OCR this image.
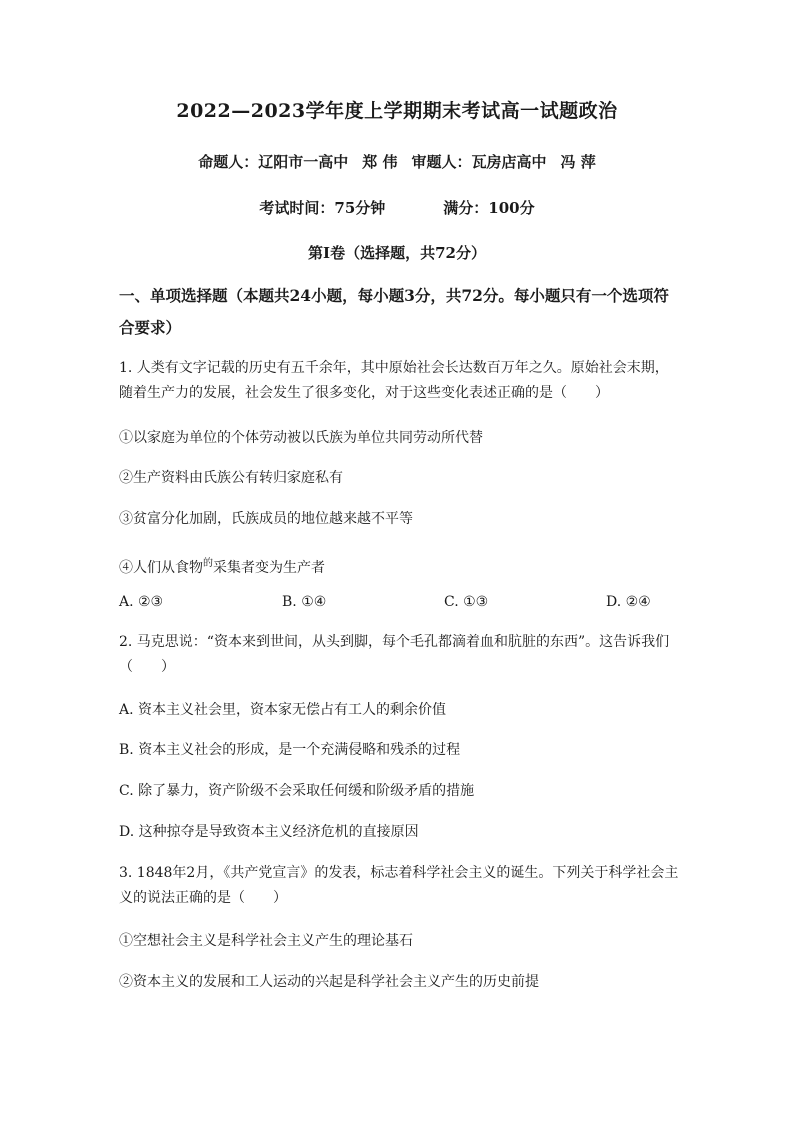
2022—2023学年度上学期期末考试高一试题政治
命题人：辽阳市一高中 郑 伟 审题人：瓦房店高中 冯 萍
考试时间：75分钟	满分：100分
第Ⅰ卷（选择题，共72分）
一、单项选择题（本题共24小题，每小题3分，共72分。每小题只有一个选项符合要求）
1. 人类有文字记载的历史有五千余年，其中原始社会长达数百万年之久。原始社会末期，随着生产力的发展，社会发生了很多变化，对于这些变化表述正确的是（　　）
①以家庭为单位的个体劳动被以氏族为单位共同劳动所代替
②生产资料由氏族公有转归家庭私有
③贫富分化加剧，氏族成员的地位越来越不平等
④人们从食物$^的$采集者变为生产者
A. ②③	B. ①④	C. ①③	D. ②④
2. 马克思说：“资本来到世间，从头到脚，每个毛孔都滴着血和肮脏的东西”。这告诉我们（　　）
A. 资本主义社会里，资本家无偿占有工人的剩余价值
B. 资本主义社会的形成，是一个充满侵略和残杀的过程
C. 除了暴力，资产阶级不会采取任何缓和阶级矛盾的措施
D. 这种掠夺是导致资本主义经济危机的直接原因
3. 1848年2月，《共产党宣言》的发表，标志着科学社会主义的诞生。下列关于科学社会主义的说法正确的是（　　）
①空想社会主义是科学社会主义产生的理论基石
②资本主义的发展和工人运动的兴起是科学社会主义产生的历史前提
